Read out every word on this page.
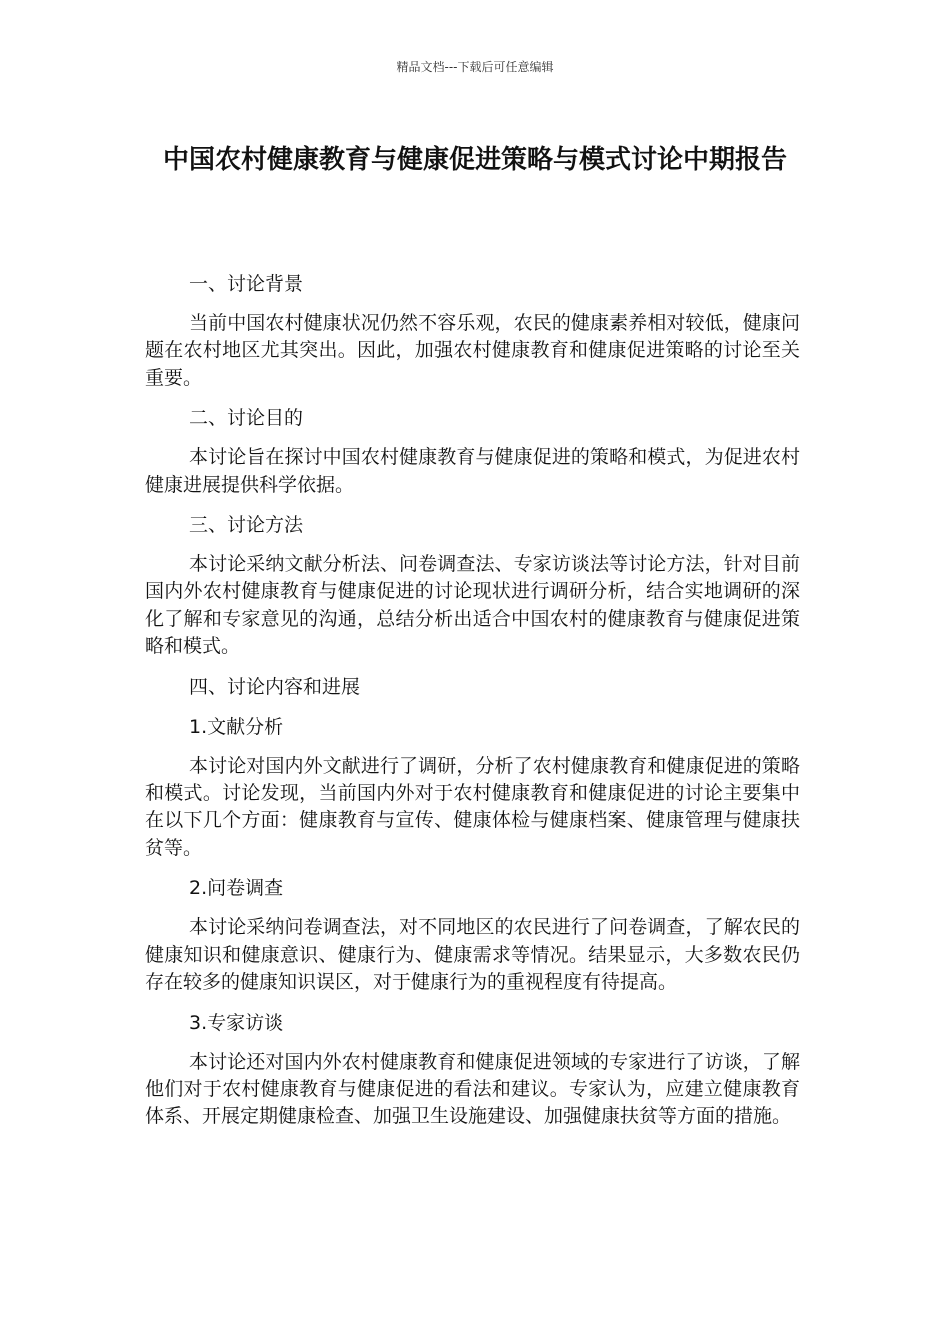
精品文档---下载后可任意编辑
中国农村健康教育与健康促进策略与模式讨论中期报告

一、讨论背景

当前中国农村健康状况仍然不容乐观，农民的健康素养相对较低，健康问题在农村地区尤其突出。因此，加强农村健康教育和健康促进策略的讨论至关重要。

二、讨论目的

本讨论旨在探讨中国农村健康教育与健康促进的策略和模式，为促进农村健康进展提供科学依据。

三、讨论方法

本讨论采纳文献分析法、问卷调查法、专家访谈法等讨论方法，针对目前国内外农村健康教育与健康促进的讨论现状进行调研分析，结合实地调研的深化了解和专家意见的沟通，总结分析出适合中国农村的健康教育与健康促进策略和模式。

四、讨论内容和进展

1.文献分析

本讨论对国内外文献进行了调研，分析了农村健康教育和健康促进的策略和模式。讨论发现，当前国内外对于农村健康教育和健康促进的讨论主要集中在以下几个方面：健康教育与宣传、健康体检与健康档案、健康管理与健康扶贫等。

2.问卷调查

本讨论采纳问卷调查法，对不同地区的农民进行了问卷调查，了解农民的健康知识和健康意识、健康行为、健康需求等情况。结果显示，大多数农民仍存在较多的健康知识误区，对于健康行为的重视程度有待提高。

3.专家访谈

本讨论还对国内外农村健康教育和健康促进领域的专家进行了访谈，了解他们对于农村健康教育与健康促进的看法和建议。专家认为，应建立健康教育体系、开展定期健康检查、加强卫生设施建设、加强健康扶贫等方面的措施。
